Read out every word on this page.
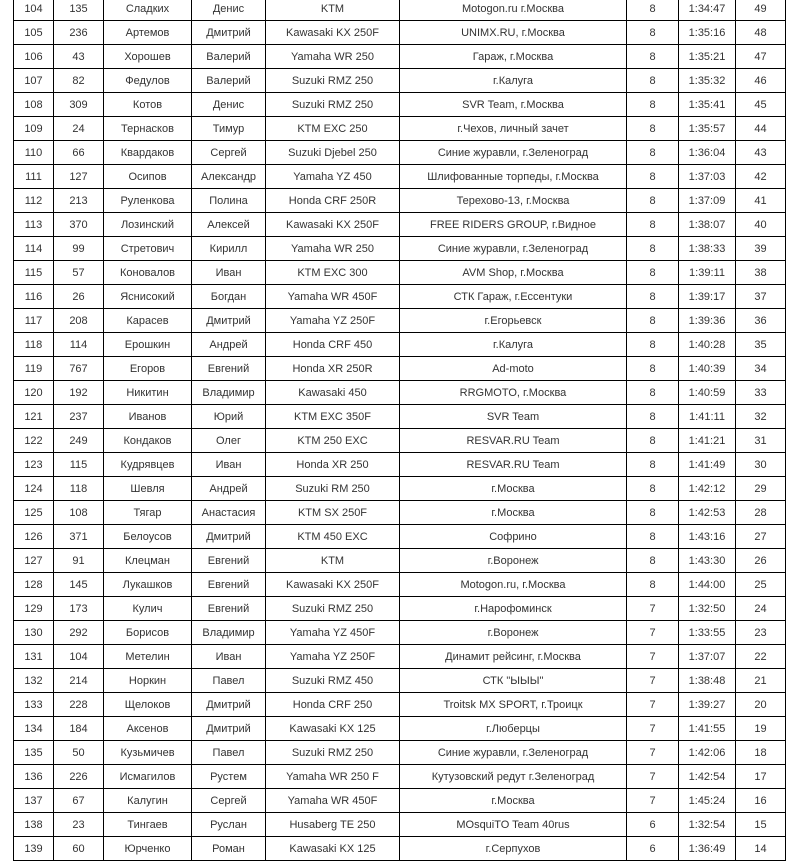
104	135	Сладких	Денис	KTM	Motogon.ru г.Москва	8	1:34:47	49
105	236	Артемов	Дмитрий	Kawasaki KX 250F	UNIMX.RU, г.Москва	8	1:35:16	48
106	43	Хорошев	Валерий	Yamaha WR 250	Гараж, г.Москва	8	1:35:21	47
107	82	Федулов	Валерий	Suzuki RMZ 250	г.Калуга	8	1:35:32	46
108	309	Котов	Денис	Suzuki RMZ 250	SVR Team, г.Москва	8	1:35:41	45
109	24	Тернасков	Тимур	KTM EXC 250	г.Чехов, личный зачет	8	1:35:57	44
110	66	Квардаков	Сергей	Suzuki Djebel 250	Синие журавли, г.Зеленоград	8	1:36:04	43
111	127	Осипов	Александр	Yamaha YZ 450	Шлифованные торпеды, г.Москва	8	1:37:03	42
112	213	Руленкова	Полина	Honda CRF 250R	Терехово-13, г.Москва	8	1:37:09	41
113	370	Лозинский	Алексей	Kawasaki KX 250F	FREE RIDERS GROUP, г.Видное	8	1:38:07	40
114	99	Стретович	Кирилл	Yamaha WR 250	Синие журавли, г.Зеленоград	8	1:38:33	39
115	57	Коновалов	Иван	KTM EXC 300	AVM Shop, г.Москва	8	1:39:11	38
116	26	Яснисокий	Богдан	Yamaha WR 450F	СТК Гараж, г.Ессентуки	8	1:39:17	37
117	208	Карасев	Дмитрий	Yamaha YZ 250F	г.Егорьевск	8	1:39:36	36
118	114	Ерошкин	Андрей	Honda CRF 450	г.Калуга	8	1:40:28	35
119	767	Егоров	Евгений	Honda XR 250R	Ad-moto	8	1:40:39	34
120	192	Никитин	Владимир	Kawasaki 450	RRGMOTO, г.Москва	8	1:40:59	33
121	237	Иванов	Юрий	KTM EXC 350F	SVR Team	8	1:41:11	32
122	249	Кондаков	Олег	KTM 250 EXC	RESVAR.RU Team	8	1:41:21	31
123	115	Кудрявцев	Иван	Honda XR 250	RESVAR.RU Team	8	1:41:49	30
124	118	Шевля	Андрей	Suzuki RM 250	г.Москва	8	1:42:12	29
125	108	Тягар	Анастасия	KTM SX 250F	г.Москва	8	1:42:53	28
126	371	Белоусов	Дмитрий	KTM 450 EXC	Софрино	8	1:43:16	27
127	91	Клецман	Евгений	KTM	г.Воронеж	8	1:43:30	26
128	145	Лукашков	Евгений	Kawasaki KX 250F	Motogon.ru, г.Москва	8	1:44:00	25
129	173	Кулич	Евгений	Suzuki RMZ 250	г.Нарофоминск	7	1:32:50	24
130	292	Борисов	Владимир	Yamaha YZ 450F	г.Воронеж	7	1:33:55	23
131	104	Метелин	Иван	Yamaha YZ 250F	Динамит рейсинг, г.Москва	7	1:37:07	22
132	214	Норкин	Павел	Suzuki RMZ 450	СТК "ЫЫЫ"	7	1:38:48	21
133	228	Щелоков	Дмитрий	Honda CRF 250	Troitsk MX SPORT, г.Троицк	7	1:39:27	20
134	184	Аксенов	Дмитрий	Kawasaki KX 125	г.Люберцы	7	1:41:55	19
135	50	Кузьмичев	Павел	Suzuki RMZ 250	Синие журавли, г.Зеленоград	7	1:42:06	18
136	226	Исмагилов	Рустем	Yamaha WR 250 F	Кутузовский редут г.Зеленоград	7	1:42:54	17
137	67	Калугин	Сергей	Yamaha WR 450F	г.Москва	7	1:45:24	16
138	23	Тингаев	Руслан	Husaberg TE 250	MOsquiTO Team 40rus	6	1:32:54	15
139	60	Юрченко	Роман	Kawasaki KX 125	г.Серпухов	6	1:36:49	14
